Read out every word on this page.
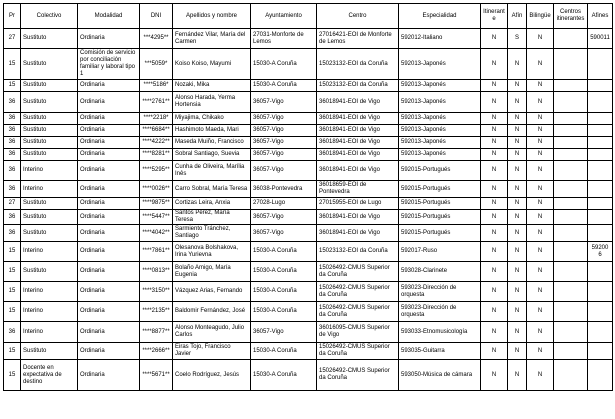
Pr	Colectivo	Modalidad	DNI	Apellidos y nombre	Ayuntamiento	Centro	Especialidad	Itinerante	Afín	Bilingüe	Centros itinerantes	Afines
27	Sustituto	Ordinaria	***4295**	Fernández Vilar, María del Carmen	27031-Monforte de Lemos	27016421-EOI de Monforte de Lemos	592012-Italiano	N	S	N		590011
15	Sustituto	Comisión de servicio por conciliación familiar y laboral tipo 1	***5059*	Koiso Koiso, Mayumi	15030-A Coruña	15023132-EOI da Coruña	592013-Japonés	N	N	N		
15	Sustituto	Ordinaria	****5186*	Nozaki, Mika	15030-A Coruña	15023132-EOI da Coruña	592013-Japonés	N	N	N		
36	Sustituto	Ordinaria	****2761**	Alonso Harada, Yerma Hortensia	36057-Vigo	36018941-EOI de Vigo	592013-Japonés	N	N	N		
36	Sustituto	Ordinaria	****2218*	Miyajima, Chikako	36057-Vigo	36018941-EOI de Vigo	592013-Japonés	N	N	N		
36	Sustituto	Ordinaria	****6684**	Hashimoto Maeda, Mari	36057-Vigo	36018941-EOI de Vigo	592013-Japonés	N	N	N		
36	Sustituto	Ordinaria	****4222**	Maseda Muiño, Francisco	36057-Vigo	36018941-EOI de Vigo	592013-Japonés	N	N	N		
36	Sustituto	Ordinaria	****8281**	Sobral Santiago, Suevia	36057-Vigo	36018941-EOI de Vigo	592013-Japonés	N	N	N		
36	Interino	Ordinaria	****5295**	Cunha de Oliveira, Marília Inês	36057-Vigo	36018941-EOI de Vigo	592015-Portugués	N	N	N		
36	Interino	Ordinaria	****0026**	Carro Sobral, María Teresa	36038-Pontevedra	36018659-EOI de Pontevedra	592015-Portugués	N	N	N		
27	Sustituto	Ordinaria	****9875**	Cortizas Leira, Anxia	27028-Lugo	27015955-EOI de Lugo	592015-Portugués	N	N	N		
36	Sustituto	Ordinaria	****5447**	Santos Pérez, María Teresa	36057-Vigo	36018941-EOI de Vigo	592015-Portugués	N	N	N		
36	Sustituto	Ordinaria	****4042**	Sarmiento Tránchez, Santiago	36057-Vigo	36018941-EOI de Vigo	592015-Portugués	N	N	N		
15	Interino	Ordinaria	****7861**	Olesanova Bolshakova, Irina Yurievna	15030-A Coruña	15023132-EOI da Coruña	592017-Ruso	N	N	N		592006
15	Sustituto	Ordinaria	****0813**	Bolaño Amigo, María Eugenia	15030-A Coruña	15026492-CMUS Superior da Coruña	593028-Clarinete	N	N	N		
15	Interino	Ordinaria	****3150**	Vázquez Arias, Fernando	15030-A Coruña	15026492-CMUS Superior da Coruña	593023-Dirección de orquesta	N	N	N		
15	Interino	Ordinaria	****2135**	Baldomir Fernández, José	15030-A Coruña	15026492-CMUS Superior da Coruña	593023-Dirección de orquesta	N	N	N		
36	Interino	Ordinaria	****8877**	Alonso Monteagudo, Julio Carlos	36057-Vigo	36016095-CMUS Superior de Vigo	593033-Etnomusicología	N	N	N		
15	Sustituto	Ordinaria	****2666**	Eiras Tojo, Francisco Javier	15030-A Coruña	15026492-CMUS Superior da Coruña	593035-Guitarra	N	N	N		
15	Docente en expectativa de destino	Ordinaria	****5671**	Coelo Rodríguez, Jesús	15030-A Coruña	15026492-CMUS Superior da Coruña	593050-Música de cámara	N	N	N		
